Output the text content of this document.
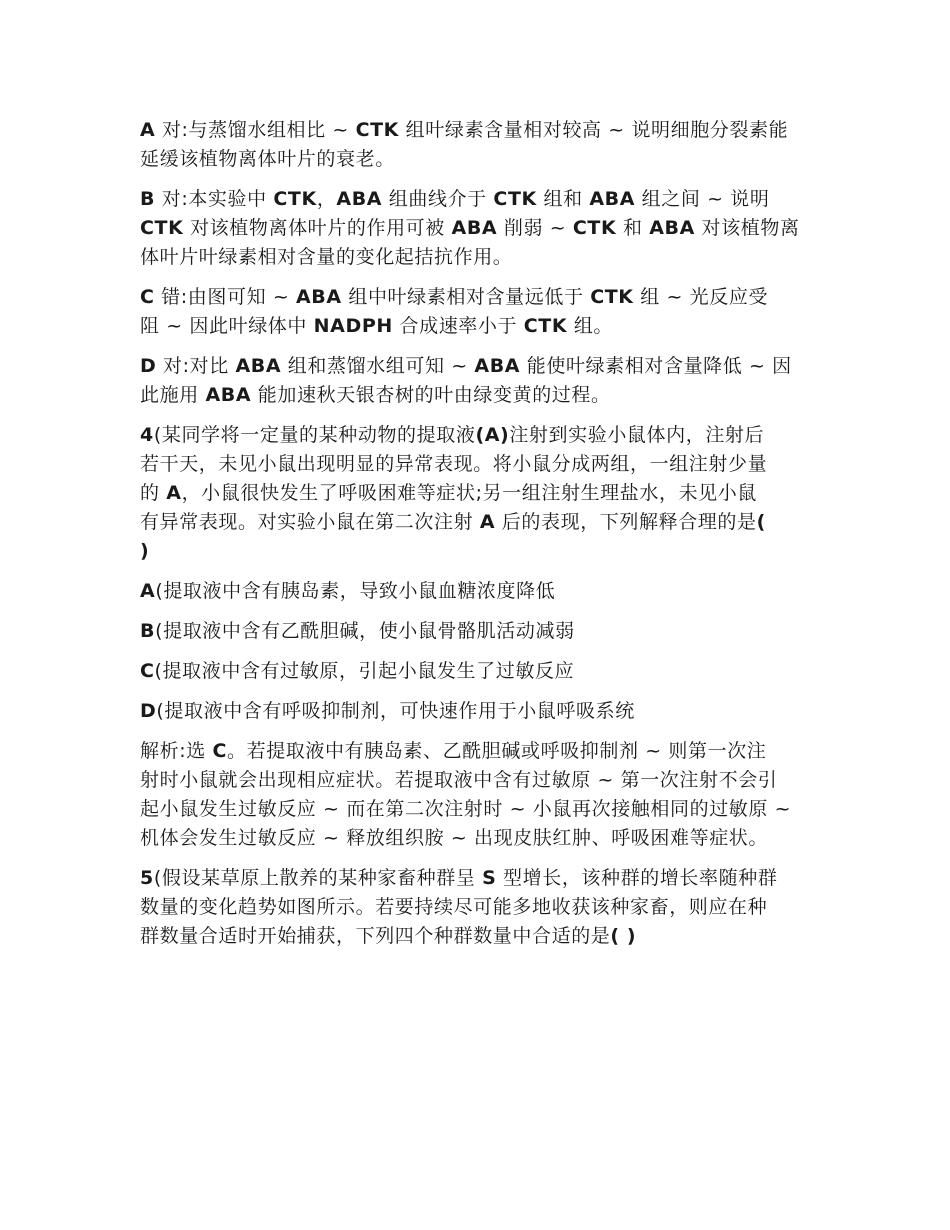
A 对:与蒸馏水组相比 ~ CTK 组叶绿素含量相对较高 ~ 说明细胞分裂素能
延缓该植物离体叶片的衰老。
B 对:本实验中 CTK，ABA 组曲线介于 CTK 组和 ABA 组之间 ~ 说明
CTK 对该植物离体叶片的作用可被 ABA 削弱 ~ CTK 和 ABA 对该植物离
体叶片叶绿素相对含量的变化起拮抗作用。
C 错:由图可知 ~ ABA 组中叶绿素相对含量远低于 CTK 组 ~ 光反应受
阻 ~ 因此叶绿体中 NADPH 合成速率小于 CTK 组。
D 对:对比 ABA 组和蒸馏水组可知 ~ ABA 能使叶绿素相对含量降低 ~ 因
此施用 ABA 能加速秋天银杏树的叶由绿变黄的过程。
4(某同学将一定量的某种动物的提取液(A)注射到实验小鼠体内，注射后
若干天，未见小鼠出现明显的异常表现。将小鼠分成两组，一组注射少量
的 A，小鼠很快发生了呼吸困难等症状;另一组注射生理盐水，未见小鼠
有异常表现。对实验小鼠在第二次注射 A 后的表现，下列解释合理的是(
)
A(提取液中含有胰岛素，导致小鼠血糖浓度降低
B(提取液中含有乙酰胆碱，使小鼠骨骼肌活动减弱
C(提取液中含有过敏原，引起小鼠发生了过敏反应
D(提取液中含有呼吸抑制剂，可快速作用于小鼠呼吸系统
解析:选 C。若提取液中有胰岛素、乙酰胆碱或呼吸抑制剂 ~ 则第一次注
射时小鼠就会出现相应症状。若提取液中含有过敏原 ~ 第一次注射不会引
起小鼠发生过敏反应 ~ 而在第二次注射时 ~ 小鼠再次接触相同的过敏原 ~
机体会发生过敏反应 ~ 释放组织胺 ~ 出现皮肤红肿、呼吸困难等症状。
5(假设某草原上散养的某种家畜种群呈 S 型增长，该种群的增长率随种群
数量的变化趋势如图所示。若要持续尽可能多地收获该种家畜，则应在种
群数量合适时开始捕获，下列四个种群数量中合适的是( )
